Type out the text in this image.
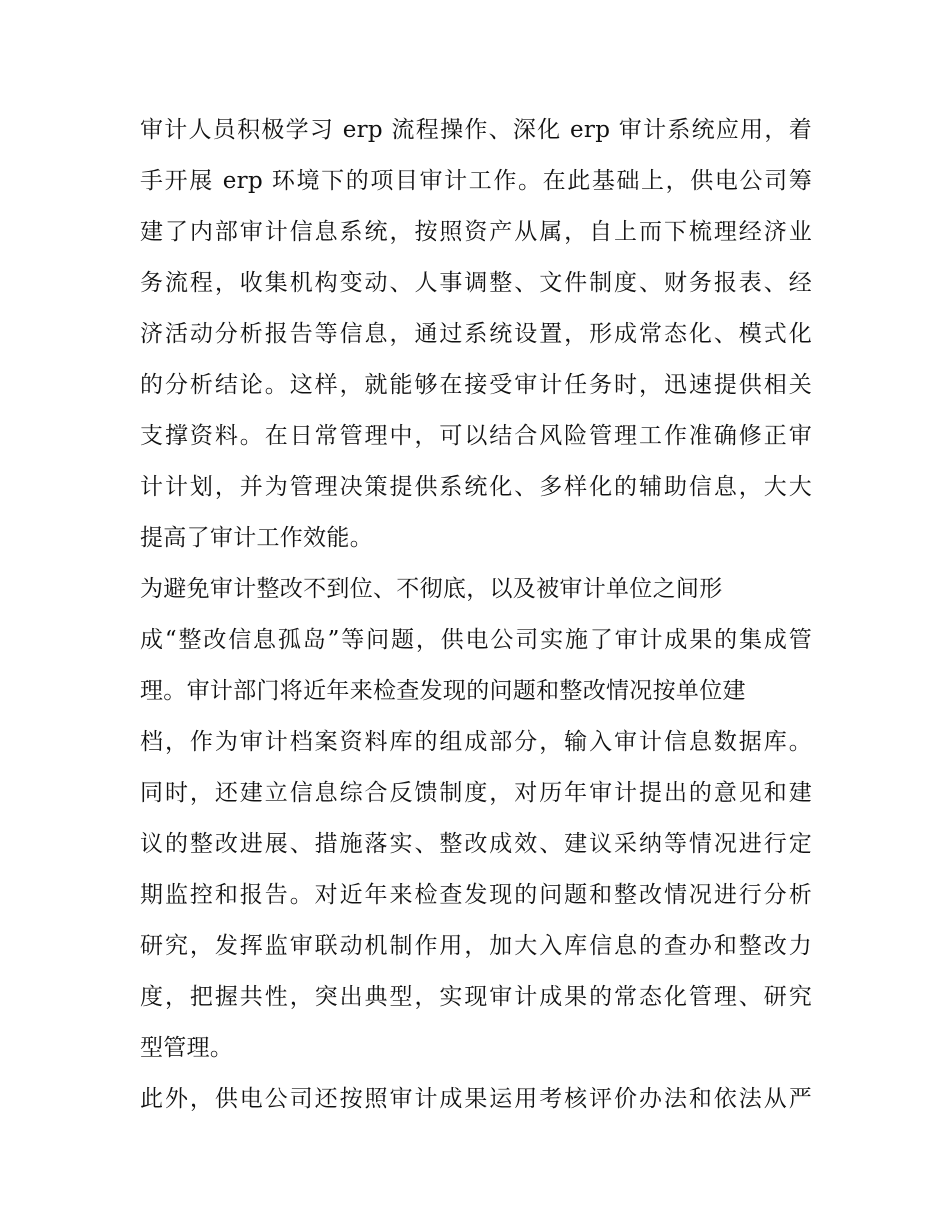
审计人员积极学习 erp 流程操作、深化 erp 审计系统应用，着
手开展 erp 环境下的项目审计工作。在此基础上，供电公司筹
建了内部审计信息系统，按照资产从属，自上而下梳理经济业
务流程，收集机构变动、人事调整、文件制度、财务报表、经
济活动分析报告等信息，通过系统设置，形成常态化、模式化
的分析结论。这样，就能够在接受审计任务时，迅速提供相关
支撑资料。在日常管理中，可以结合风险管理工作准确修正审
计计划，并为管理决策提供系统化、多样化的辅助信息，大大
提高了审计工作效能。
为避免审计整改不到位、不彻底，以及被审计单位之间形
成“整改信息孤岛”等问题，供电公司实施了审计成果的集成管
理。审计部门将近年来检查发现的问题和整改情况按单位建
档，作为审计档案资料库的组成部分，输入审计信息数据库。
同时，还建立信息综合反馈制度，对历年审计提出的意见和建
议的整改进展、措施落实、整改成效、建议采纳等情况进行定
期监控和报告。对近年来检查发现的问题和整改情况进行分析
研究，发挥监审联动机制作用，加大入库信息的查办和整改力
度，把握共性，突出典型，实现审计成果的常态化管理、研究
型管理。
此外，供电公司还按照审计成果运用考核评价办法和依法从严
